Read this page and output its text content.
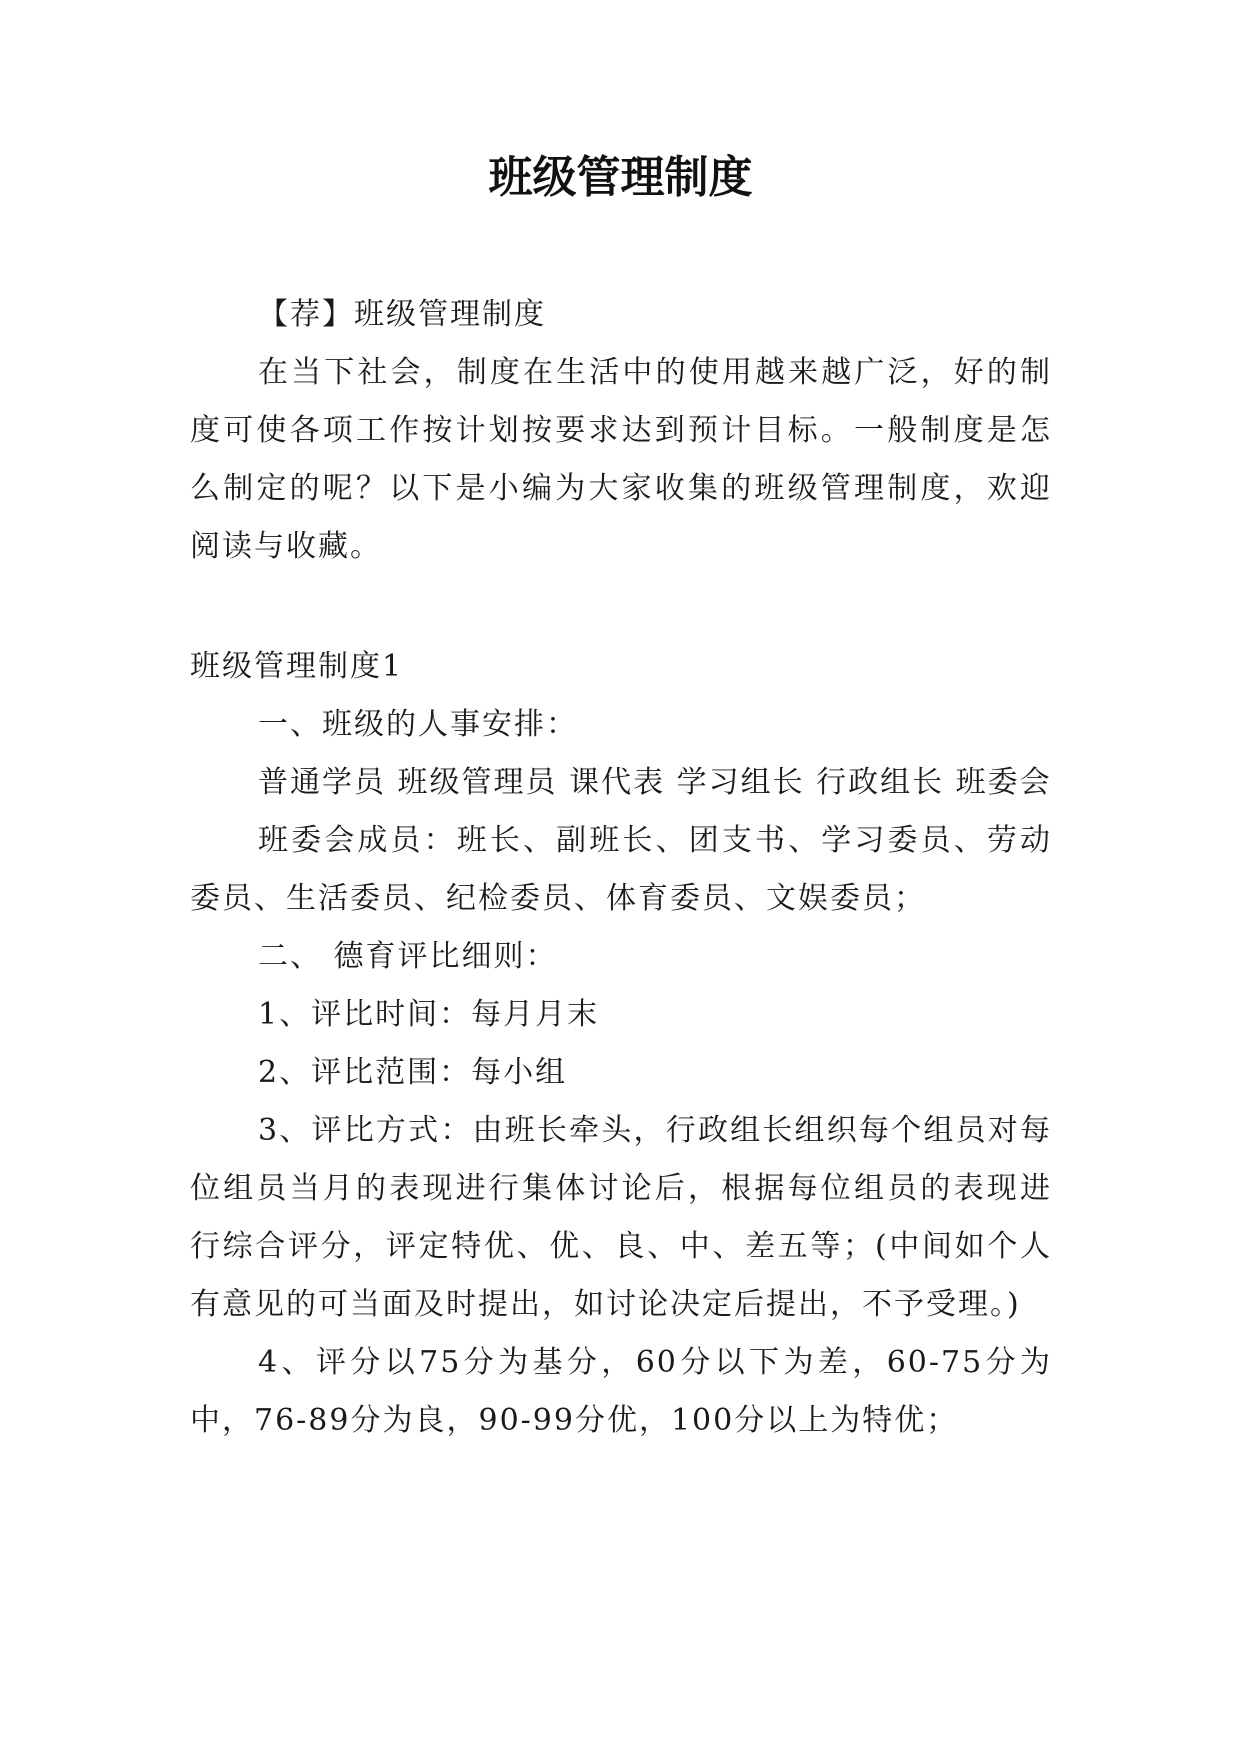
班级管理制度

【荐】班级管理制度

在当下社会，制度在生活中的使用越来越广泛，好的制度可使各项工作按计划按要求达到预计目标。一般制度是怎么制定的呢？以下是小编为大家收集的班级管理制度，欢迎阅读与收藏。

班级管理制度1

一、班级的人事安排：

普通学员 班级管理员 课代表 学习组长 行政组长 班委会

班委会成员：班长、副班长、团支书、学习委员、劳动委员、生活委员、纪检委员、体育委员、文娱委员；

二、 德育评比细则：

1、评比时间：每月月末

2、评比范围：每小组

3、评比方式：由班长牵头，行政组长组织每个组员对每位组员当月的表现进行集体讨论后，根据每位组员的表现进行综合评分，评定特优、优、良、中、差五等；(中间如个人有意见的可当面及时提出，如讨论决定后提出，不予受理。)

4、评分以75分为基分，60分以下为差，60-75分为中，76-89分为良，90-99分优，100分以上为特优；
